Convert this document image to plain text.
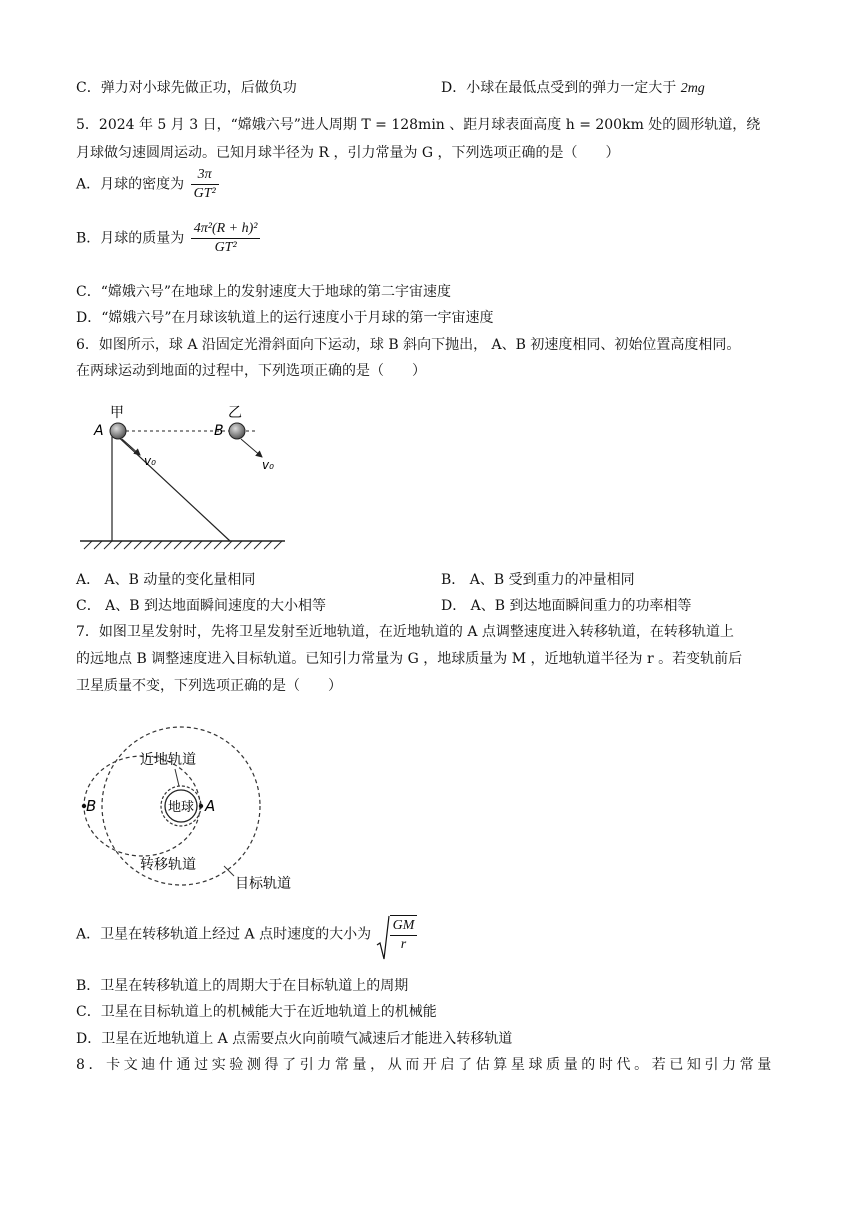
C．弹力对小球先做正功，后做负功	D．小球在最低点受到的弹力一定大于 2mg
5．2024 年 5 月 3 日，“嫦娥六号”进人周期 T = 128min 、距月球表面高度 h = 200km 处的圆形轨道，绕
月球做匀速圆周运动。已知月球半径为 R ，引力常量为 G ，下列选项正确的是（　　）
A．月球的密度为 $\frac{3\pi}{\text{GT²}}$
B．月球的质量为 $\frac{\text{4π²(R + h)²}}{\text{GT²}}$
C．“嫦娥六号”在地球上的发射速度大于地球的第二宇宙速度
D．“嫦娥六号”在月球该轨道上的运行速度小于月球的第一宇宙速度
6．如图所示，球 A 沿固定光滑斜面向下运动，球 B 斜向下抛出， A、B 初速度相同、初始位置高度相同。
在两球运动到地面的过程中，下列选项正确的是（　　）
甲	乙
A	B
v₀	v₀
A． A、B 动量的变化量相同	B． A、B 受到重力的冲量相同
C． A、B 到达地面瞬间速度的大小相等	D． A、B 到达地面瞬间重力的功率相等
7．如图卫星发射时，先将卫星发射至近地轨道，在近地轨道的 A 点调整速度进入转移轨道，在转移轨道上
的远地点 B 调整速度进入目标轨道。已知引力常量为 G ，地球质量为 M ，近地轨道半径为 r 。若变轨前后
卫星质量不变，下列选项正确的是（　　）
地球 A
B
近地轨道
转移轨道
目标轨道
A．卫星在转移轨道上经过 A 点时速度的大小为 $\frac{GM}{r}$
B．卫星在转移轨道上的周期大于在目标轨道上的周期
C．卫星在目标轨道上的机械能大于在近地轨道上的机械能
D．卫星在近地轨道上 A 点需要点火向前喷气减速后才能进入转移轨道
8．卡文迪什通过实验测得了引力常量，从而开启了估算星球质量的时代。若已知引力常量
